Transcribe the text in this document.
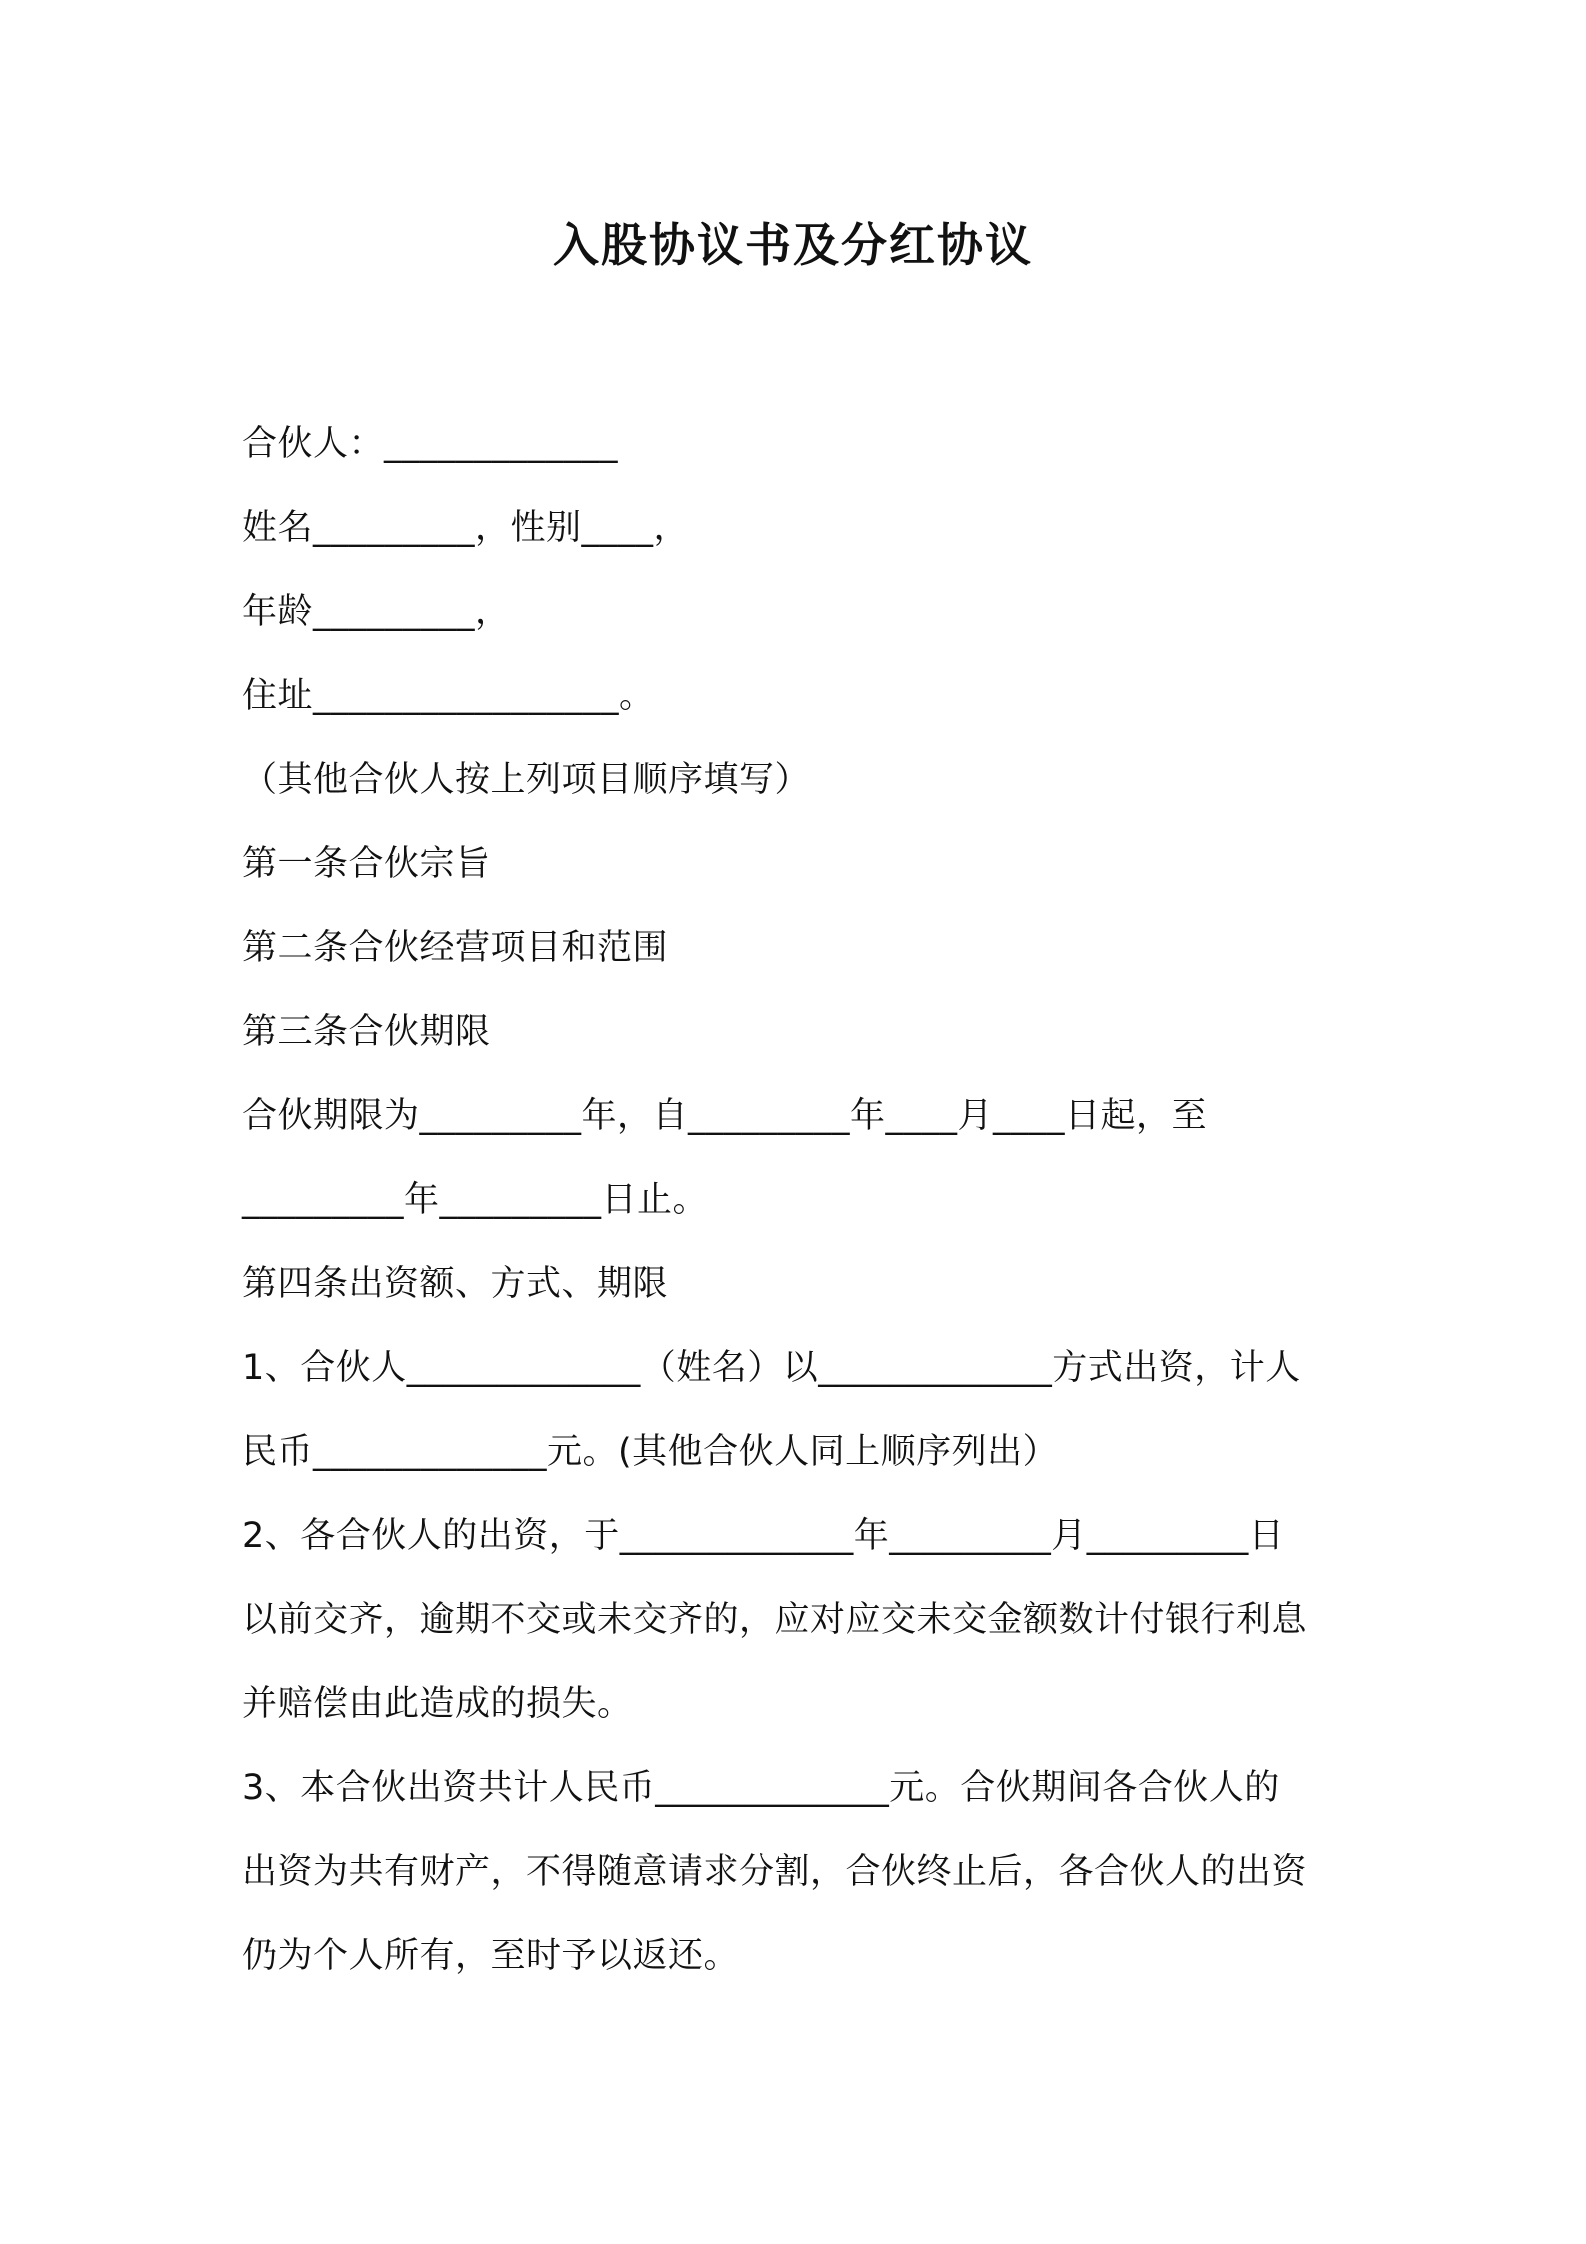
入股协议书及分红协议
合伙人：_____________
姓名_________，性别____，
年龄_________，
住址_________________。
（其他合伙人按上列项目顺序填写）
第一条合伙宗旨
第二条合伙经营项目和范围
第三条合伙期限
合伙期限为_________年，自_________年____月____日起，至
_________年_________日止。
第四条出资额、方式、期限
1、合伙人_____________（姓名）以_____________方式出资，计人
民币_____________元。(其他合伙人同上顺序列出）
2、各合伙人的出资，于_____________年_________月_________日
以前交齐，逾期不交或未交齐的，应对应交未交金额数计付银行利息
并赔偿由此造成的损失。
3、本合伙出资共计人民币_____________元。合伙期间各合伙人的
出资为共有财产，不得随意请求分割，合伙终止后，各合伙人的出资
仍为个人所有，至时予以返还。
